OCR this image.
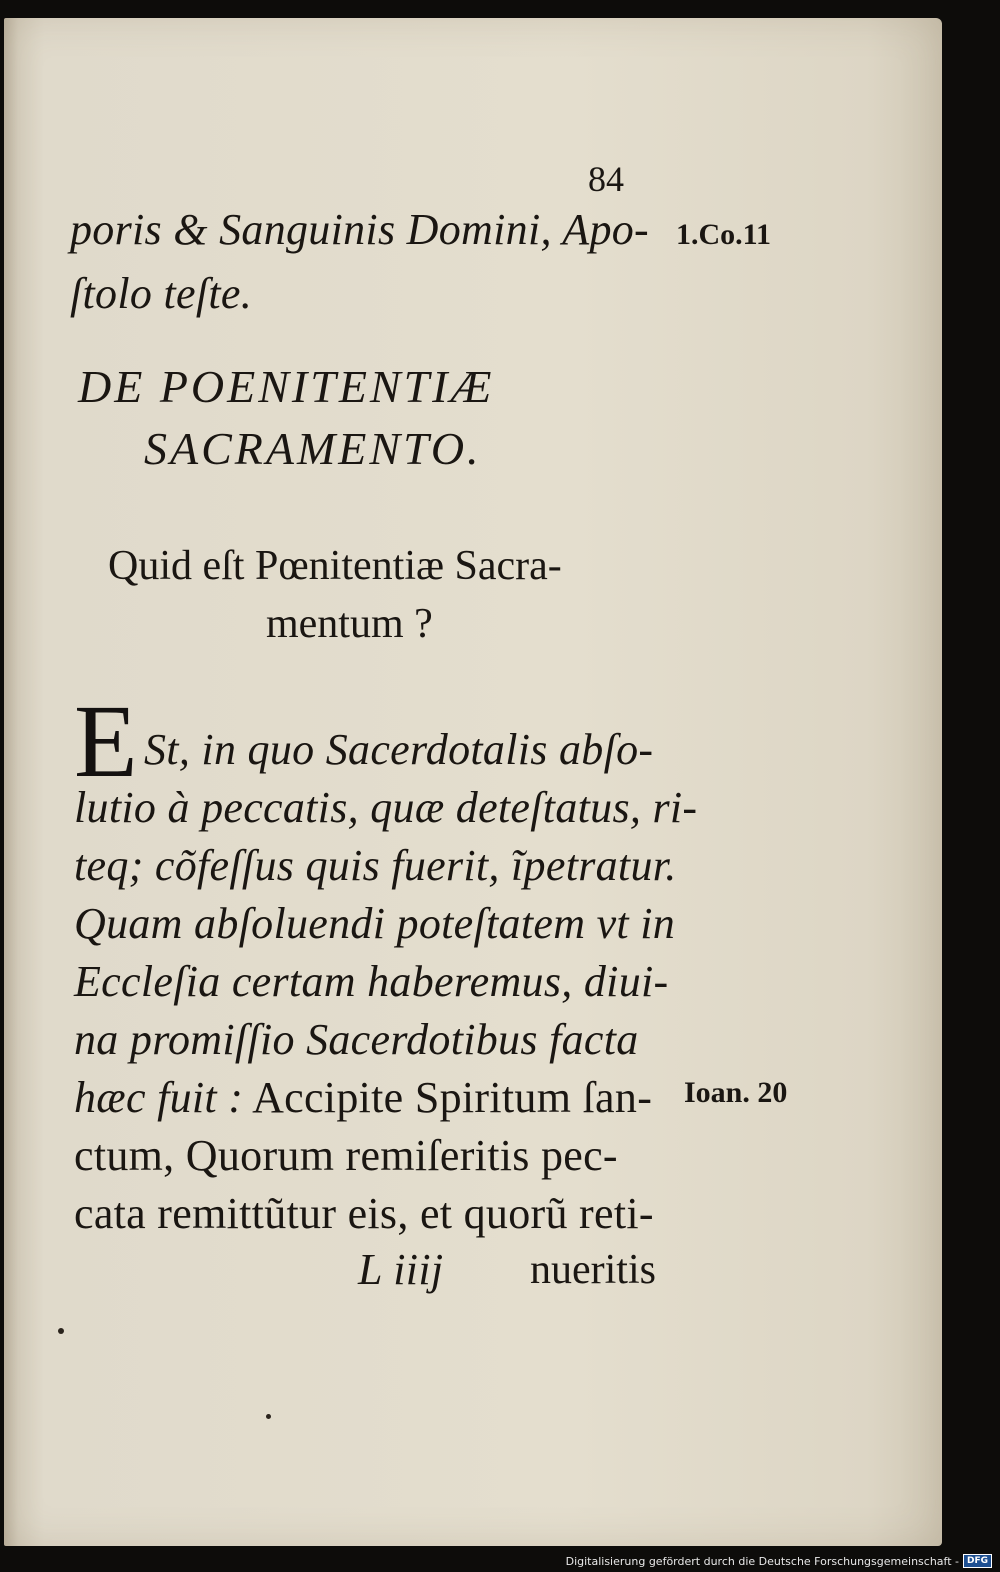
84
poris & Sanguinis Domini, Apo-
ſtolo teſte.
1.Co.11
DE POENITENTIÆ
SACRAMENTO.
Quid eſt Pœnitentiæ Sacra-
mentum ?
E St, in quo Sacerdotalis abſo-
lutio à peccatis, quæ deteſtatus, ri-
teq; cõfeſſus quis fuerit, ĩpetratur.
Quam abſoluendi poteſtatem vt in
Eccleſia certam haberemus, diui-
na promiſſio Sacerdotibus facta
hæc fuit : Accipite Spiritum ſan- Ioan. 20
ctum, Quorum remiſeritis pec-
cata remittũtur eis, et quorũ reti-
L iiij nueritis
Digitalisierung gefördert durch die Deutsche Forschungsgemeinschaft - DFG
